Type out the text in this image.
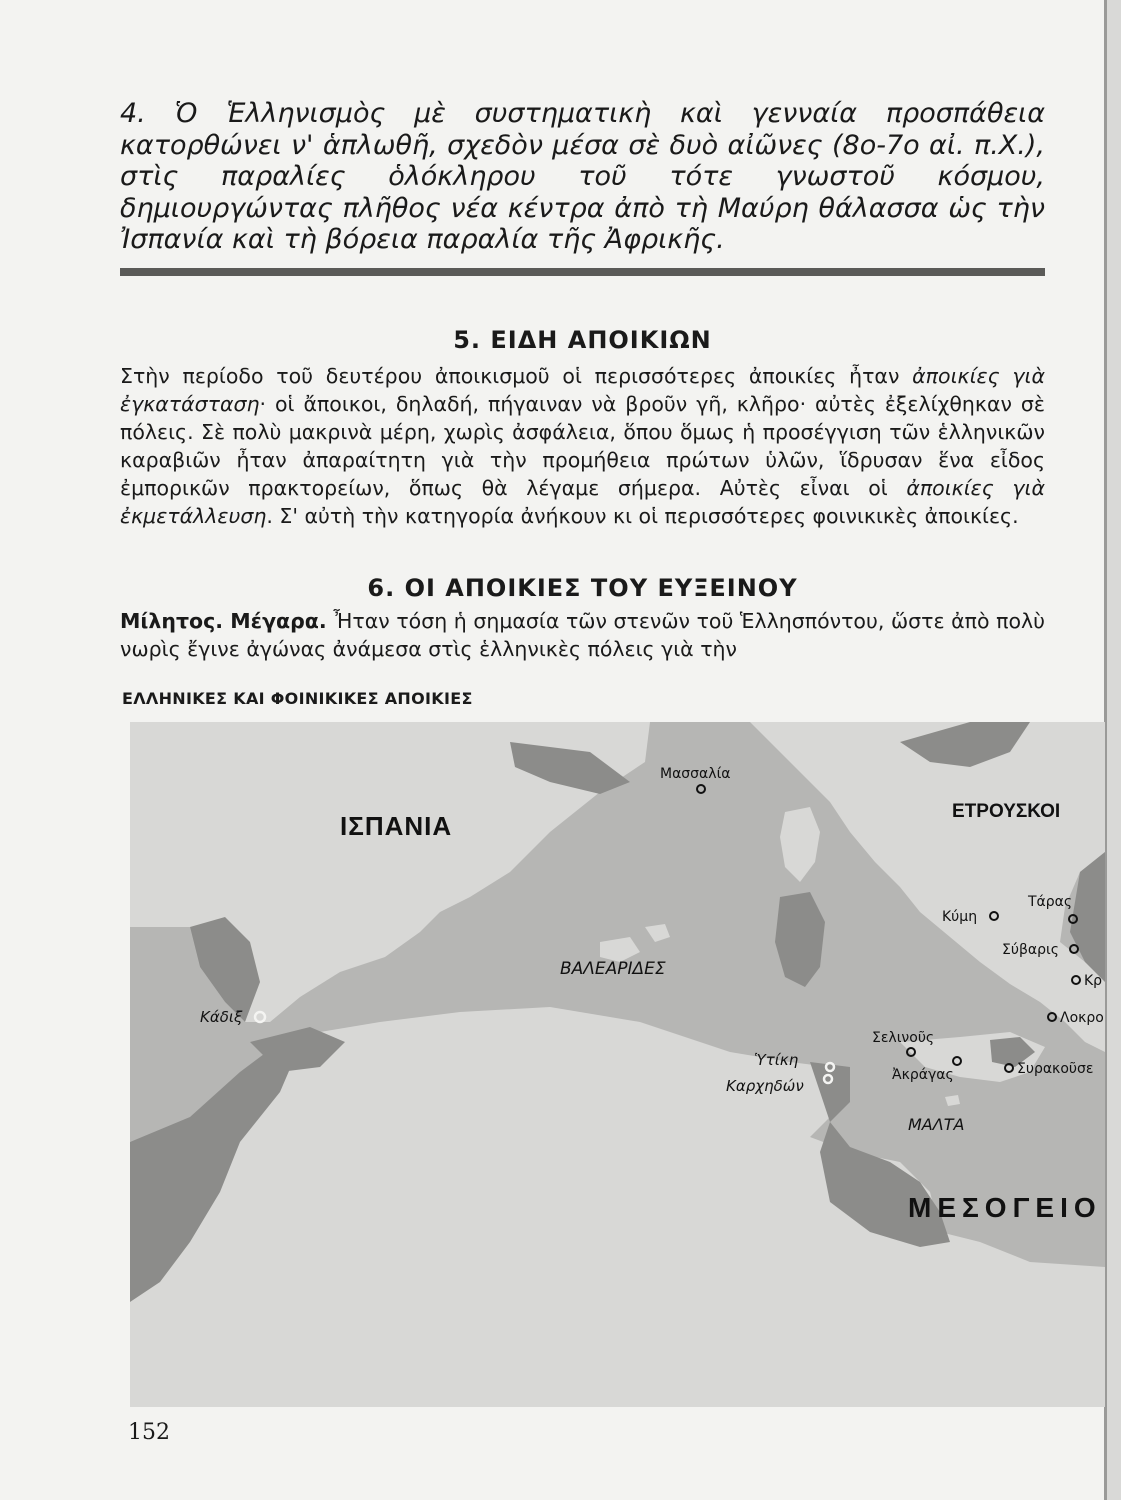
4. Ὁ Ἑλληνισμὸς μὲ συστηματικὴ καὶ γενναία προσπάθεια κατορθώνει ν' ἁπλωθῆ, σχεδὸν μέσα σὲ δυὸ αἰῶνες (8ο-7ο αἰ. π.Χ.), στὶς παραλίες ὁλόκληρου τοῦ τότε γνωστοῦ κόσμου, δημιουργώντας πλῆθος νέα κέντρα ἀπὸ τὴ Μαύρη θάλασσα ὡς τὴν Ἰσπανία καὶ τὴ βόρεια παραλία τῆς Ἀφρικῆς.

5. ΕΙΔΗ ΑΠΟΙΚΙΩΝ

Στὴν περίοδο τοῦ δευτέρου ἀποικισμοῦ οἱ περισσότερες ἀποικίες ἦταν ἀποικίες γιὰ ἐγκατάσταση· οἱ ἄποικοι, δηλαδή, πήγαιναν νὰ βροῦν γῆ, κλῆρο· αὐτὲς ἐξελίχθηκαν σὲ πόλεις. Σὲ πολὺ μακρινὰ μέρη, χωρὶς ἀσφάλεια, ὅπου ὅμως ἡ προσέγγιση τῶν ἑλληνικῶν καραβιῶν ἦταν ἀπαραίτητη γιὰ τὴν προμήθεια πρώτων ὑλῶν, ἵδρυσαν ἕνα εἶδος ἐμπορικῶν πρακτορείων, ὅπως θὰ λέγαμε σήμερα. Αὐτὲς εἶναι οἱ ἀποικίες γιὰ ἐκμετάλλευση. Σ' αὐτὴ τὴν κατηγορία ἀνήκουν κι οἱ περισσότερες φοινικικὲς ἀποικίες.

6. ΟΙ ΑΠΟΙΚΙΕΣ ΤΟΥ ΕΥΞΕΙΝΟΥ

Μίλητος. Μέγαρα. Ἦταν τόση ἡ σημασία τῶν στενῶν τοῦ Ἑλλησπόντου, ὥστε ἀπὸ πολὺ νωρὶς ἔγινε ἀγώνας ἀνάμεσα στὶς ἑλληνικὲς πόλεις γιὰ τὴν

ΕΛΛΗΝΙΚΕΣ ΚΑΙ ΦΟΙΝΙΚΙΚΕΣ ΑΠΟΙΚΙΕΣ

ΙΣΠΑΝΙΑ	ΕΤΡΟΥΣΚΟΙ
ΜΕΣΟΓΕΙΟ
ΒΑΛΕΑΡΙΔΕΣ
ΜΑΛΤΑ
Μασσαλία
Κάδιξ
Ὑτίκη
Καρχηδών
Κύμη
Τάρας
Σύβαρις
Κρ
Λοκρο
Σελινοῦς
Ἀκράγας	Συρακοῦσε

152
